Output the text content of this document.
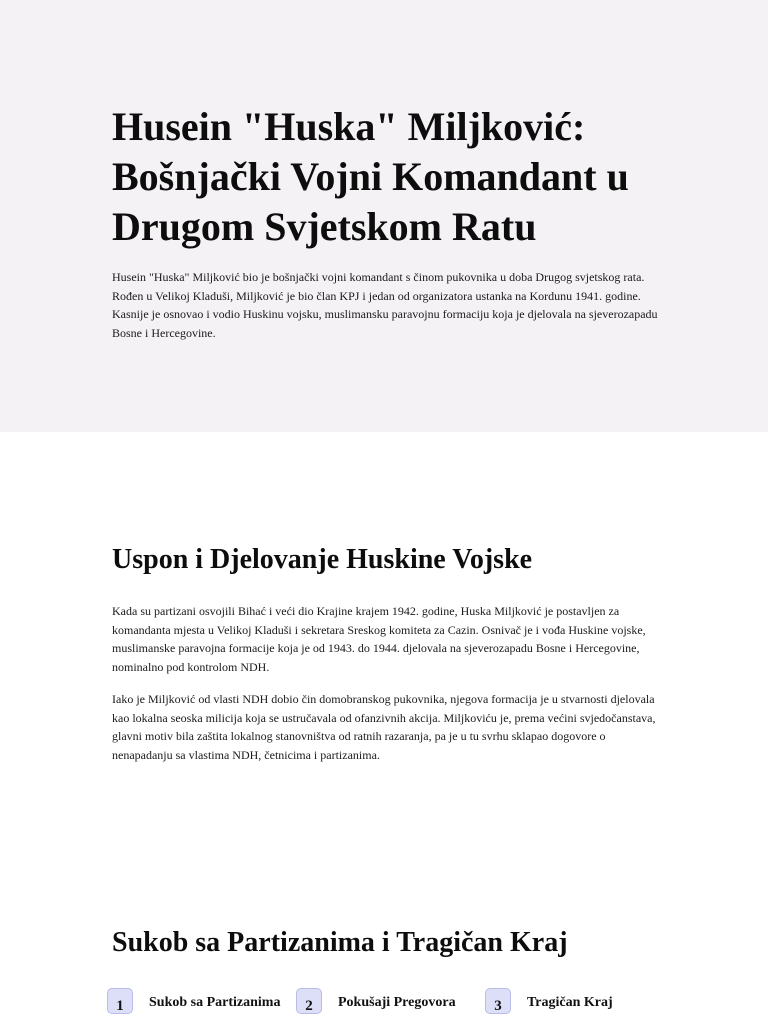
Husein "Huska" Miljković: Bošnjački Vojni Komandant u Drugom Svjetskom Ratu

Husein "Huska" Miljković bio je bošnjački vojni komandant s činom pukovnika u doba Drugog svjetskog rata. Rođen u Velikoj Kladuši, Miljković je bio član KPJ i jedan od organizatora ustanka na Kordunu 1941. godine. Kasnije je osnovao i vodio Huskinu vojsku, muslimansku paravojnu formaciju koja je djelovala na sjeverozapadu Bosne i Hercegovine.

Uspon i Djelovanje Huskine Vojske

Kada su partizani osvojili Bihać i veći dio Krajine krajem 1942. godine, Huska Miljković je postavljen za komandanta mjesta u Velikoj Kladuši i sekretara Sreskog komiteta za Cazin. Osnivač je i vođa Huskine vojske, muslimanske paravojna formacije koja je od 1943. do 1944. djelovala na sjeverozapadu Bosne i Hercegovine, nominalno pod kontrolom NDH.

Iako je Miljković od vlasti NDH dobio čin domobranskog pukovnika, njegova formacija je u stvarnosti djelovala kao lokalna seoska milicija koja se ustručavala od ofanzivnih akcija. Miljkoviću je, prema većini svjedočanstava, glavni motiv bila zaštita lokalnog stanovništva od ratnih razaranja, pa je u tu svrhu sklapao dogovore o nenapadanju sa vlastima NDH, četnicima i partizanima.

Sukob sa Partizanima i Tragičan Kraj
1	Sukob sa Partizanima	2	Pokušaji Pregovora	3	Tragičan Kraj
